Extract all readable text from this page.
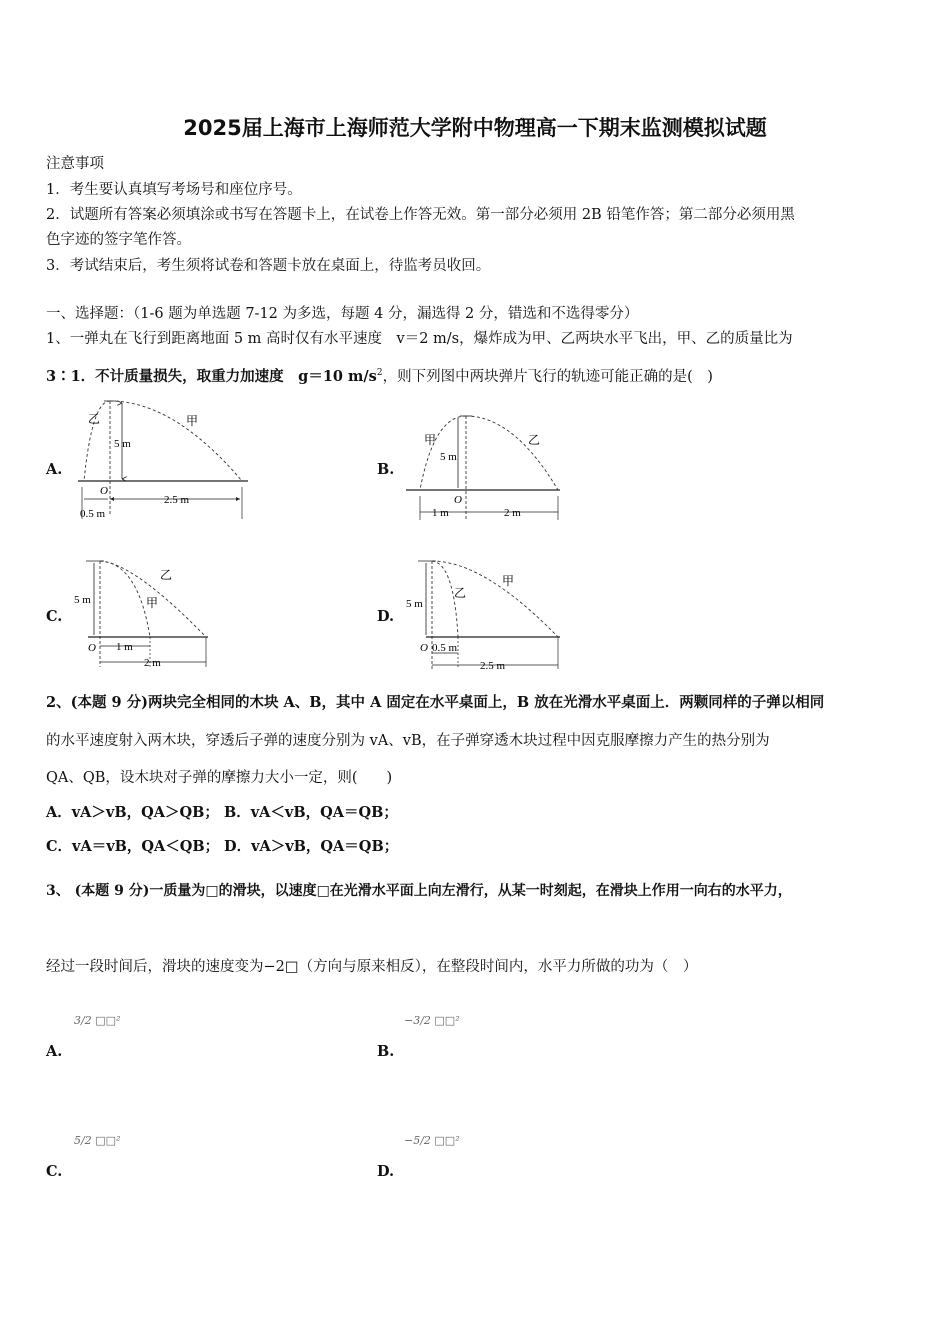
2025届上海市上海师范大学附中物理高一下期末监测模拟试题
注意事项
1．考生要认真填写考场号和座位序号。
2．试题所有答案必须填涂或书写在答题卡上，在试卷上作答无效。第一部分必须用 2B 铅笔作答；第二部分必须用黑
色字迹的签字笔作答。
3．考试结束后，考生须将试卷和答题卡放在桌面上，待监考员收回。
一、选择题：（1-6 题为单选题 7-12 为多选，每题 4 分，漏选得 2 分，错选和不选得零分）
1、一弹丸在飞行到距离地面 5 m 高时仅有水平速度　v＝2 m/s，爆炸成为甲、乙两块水平飞出，甲、乙的质量比为
3∶1．不计质量损失，取重力加速度　g＝10 $m/s^2$，则下列图中两块弹片飞行的轨迹可能正确的是(　)
A.	B.
C.	D.
乙	甲
5 m
O
0.5 m
2.5 m
甲	乙
5 m
O
1 m	2 m
乙
甲
5 m
O 1 m
2 m
甲
乙
5 m
O 0.5 m
2.5 m
2、(本题 9 分)两块完全相同的木块 A、B，其中 A 固定在水平桌面上，B 放在光滑水平桌面上．两颗同样的子弹以相同
的水平速度射入两木块，穿透后子弹的速度分别为 vA、vB，在子弹穿透木块过程中因克服摩擦力产生的热分别为
QA、QB，设木块对子弹的摩擦力大小一定，则(　　)
A．vA＞vB，QA＞QB； B．vA＜vB，QA＝QB；
C．vA＝vB，QA＜QB； D．vA＞vB，QA＝QB；
3、 (本题 9 分)一质量为□的滑块，以速度□在光滑水平面上向左滑行，从某一时刻起，在滑块上作用一向右的水平力，
经过一段时间后，滑块的速度变为−2□（方向与原来相反），在整段时间内，水平力所做的功为（　）
3/2 □□²
A.
−3/2 □□²
B.
5/2 □□²
C.
−5/2 □□²
D.
